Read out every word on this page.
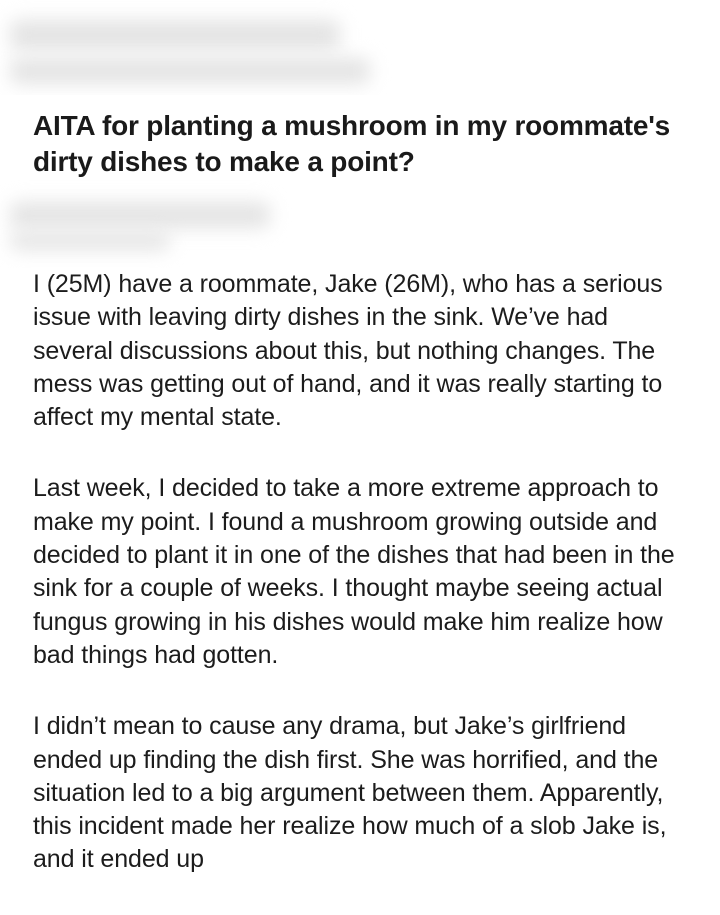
AITA for planting a mushroom in my roommate's dirty dishes to make a point?

I (25M) have a roommate, Jake (26M), who has a serious issue with leaving dirty dishes in the sink. We’ve had several discussions about this, but nothing changes. The mess was getting out of hand, and it was really starting to affect my mental state.

Last week, I decided to take a more extreme approach to make my point. I found a mushroom growing outside and decided to plant it in one of the dishes that had been in the sink for a couple of weeks. I thought maybe seeing actual fungus growing in his dishes would make him realize how bad things had gotten.

I didn’t mean to cause any drama, but Jake’s girlfriend ended up finding the dish first. She was horrified, and the situation led to a big argument between them. Apparently, this incident made her realize how much of a slob Jake is, and it ended up
